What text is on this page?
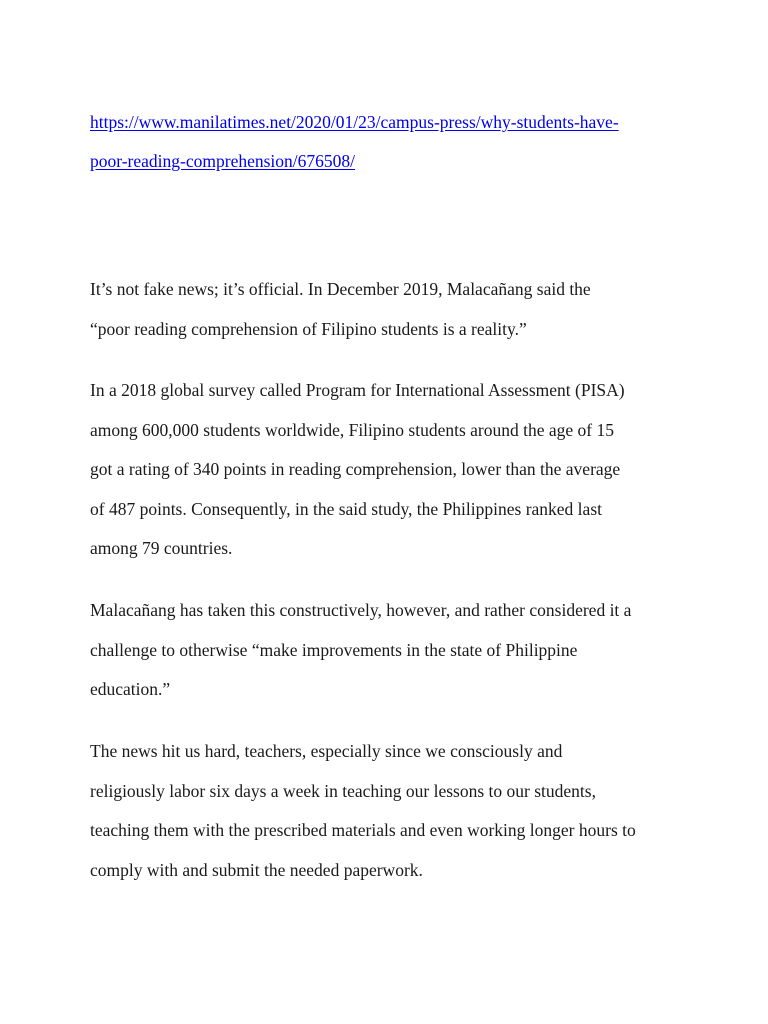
https://www.manilatimes.net/2020/01/23/campus-press/why-students-have-
poor-reading-comprehension/676508/
It’s not fake news; it’s official. In December 2019, Malacañang said the
“poor reading comprehension of Filipino students is a reality.”
In a 2018 global survey called Program for International Assessment (PISA)
among 600,000 students worldwide, Filipino students around the age of 15
got a rating of 340 points in reading comprehension, lower than the average
of 487 points. Consequently, in the said study, the Philippines ranked last
among 79 countries.
Malacañang has taken this constructively, however, and rather considered it a
challenge to otherwise “make improvements in the state of Philippine
education.”
The news hit us hard, teachers, especially since we consciously and
religiously labor six days a week in teaching our lessons to our students,
teaching them with the prescribed materials and even working longer hours to
comply with and submit the needed paperwork.
